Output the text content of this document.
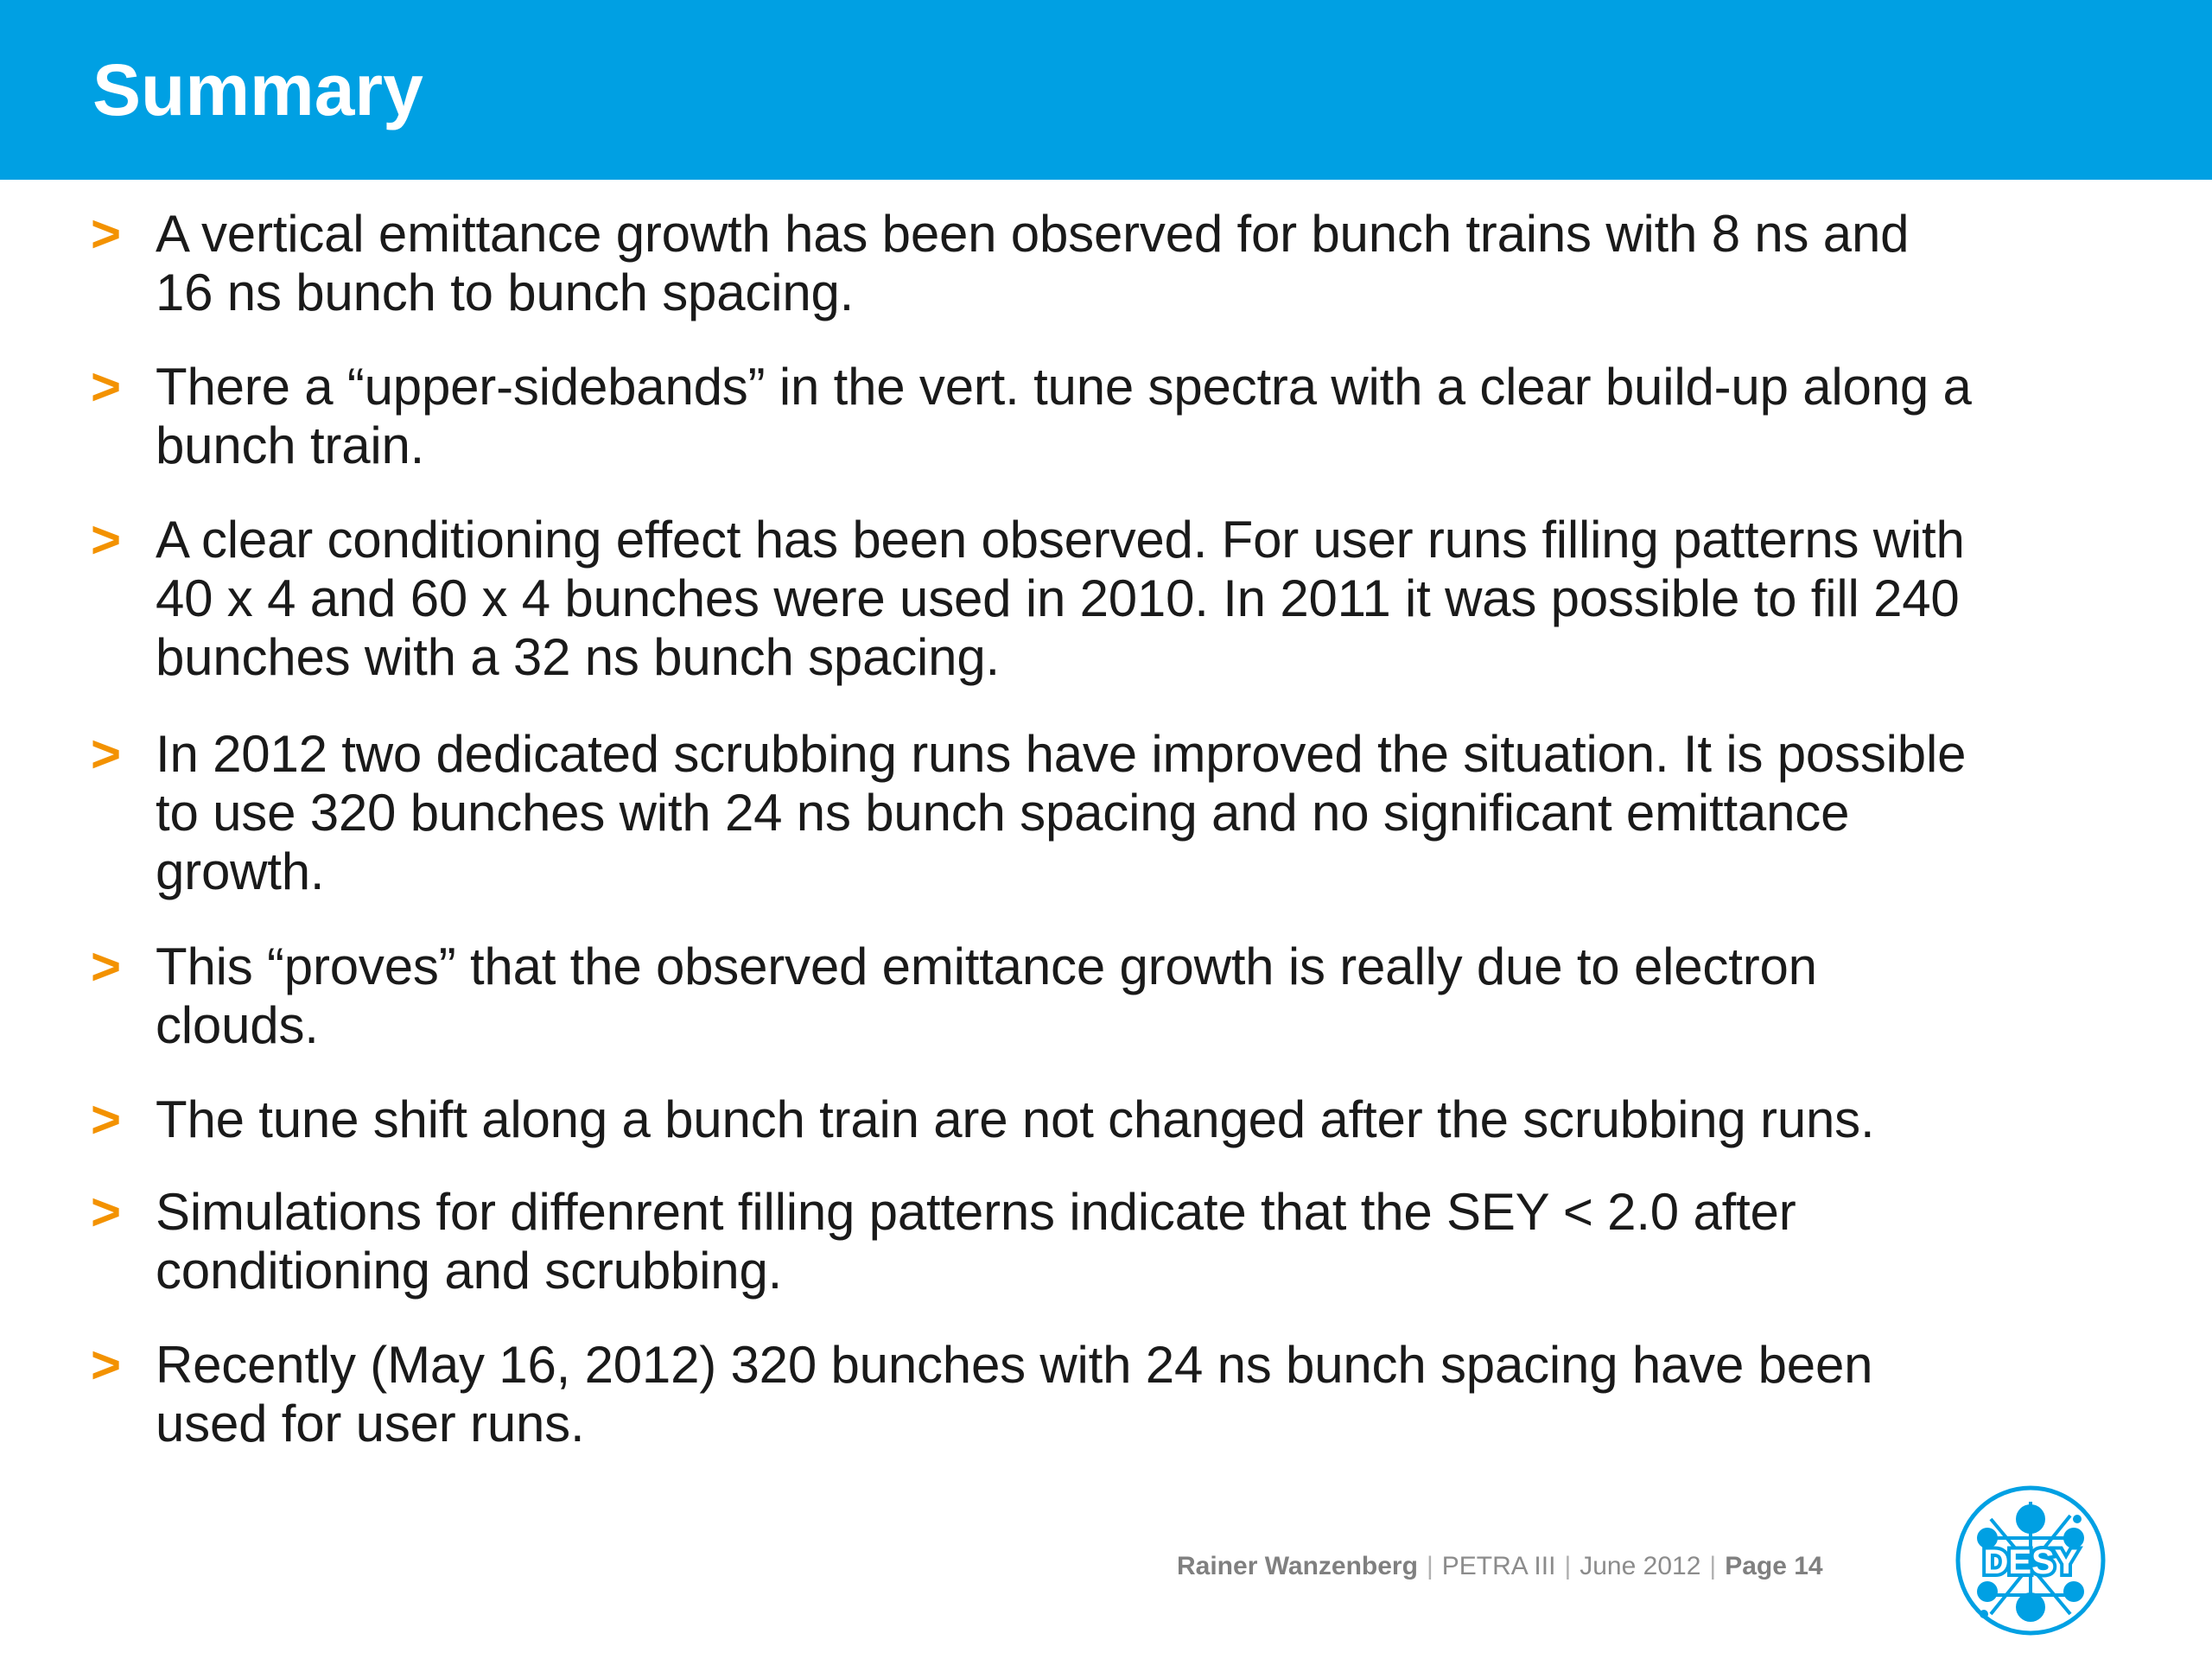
Summary
> A vertical emittance growth has been observed for bunch trains with 8 ns and
16 ns bunch to bunch spacing.
> There a “upper-sidebands” in the vert. tune spectra with a clear build-up along a
bunch train.
> A clear conditioning effect has been observed. For user runs filling patterns with
40 x 4 and 60 x 4 bunches were used in 2010. In 2011 it was possible to fill 240
bunches with a 32 ns bunch spacing.
> In 2012 two dedicated scrubbing runs have improved the situation. It is possible
to use 320 bunches with 24 ns bunch spacing and no significant emittance
growth.
> This “proves” that the observed emittance growth is really due to electron
clouds.
> The tune shift along a bunch train are not changed after the scrubbing runs.
> Simulations for diffenrent filling patterns indicate that the SEY < 2.0 after
conditioning and scrubbing.
> Recently (May 16, 2012) 320 bunches with 24 ns bunch spacing have been
used for user runs.
Rainer Wanzenberg | PETRA III | June 2012 | Page 14	DESY
